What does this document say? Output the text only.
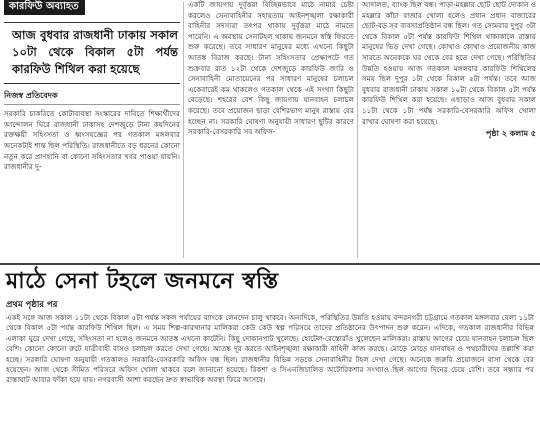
কারফিউ অব্যাহত
আজ বুধবার রাজধানী ঢাকায় সকাল ১০টা থেকে বিকাল ৫টা পর্যন্ত কারফিউ শিথিল করা হয়েছে
নিজস্ব প্রতিবেদক

সরকারি চাকরিতে কোটাব্যবস্থা সংস্কারের দাবিতে শিক্ষার্থীদের আন্দোলন ঘিরে রাজধানী ঢাকাসহ দেশজুড়ে টানা কয়দিনের রক্তক্ষয়ী সহিংসতা ও ধ্বংসযজ্ঞের পর গতকাল মঙ্গলবার অনেকটাই শান্ত ছিল পরিস্থিতি। রাজধানীতে বড় ধরনের কোনো নতুন করে প্রাণহানি বা কোনো সহিংসতার খবর পাওয়া যায়নি। রাজধানীর দু-

একটি জায়গায় দুর্বৃত্তরা বিচ্ছিন্নভাবে মাঠে নামার চেষ্টা করলেও সেনাবাহিনীর সহায়তায় আইনশৃঙ্খলা রক্ষাকারী বাহিনীর সদস্যরা তৎপর থাকায় দুর্বৃত্তরা মাঠে নামতে পারেনি। এ অবস্থায় সেনাটহল থাকায় জনমনে স্বস্তি ফিরতে শুরু করেছে। তবে সাধারণ মানুষের মধ্যে এখনো কিছুটা আতঙ্ক বিরাজ করছে। টানা সহিংসতার প্রেক্ষাপটে গত শুক্রবার রাত ১২টা থেকে দেশজুড়ে কারফিউ জারি ও সেনাবাহিনী মোতায়েনের পর সাধারণ মানুষের চলাচল একেবারেই কম থাকলেও গতকাল থেকে এই সংখ্যা কিছুটা বেড়েছে। শহরের বেশ কিছু জায়গায় যানবাহন চলাচল করেছে। তবে প্রয়োজন ছাড়া বেশিরভাগ মানুষ রাস্তায় বের হচ্ছেন না। সরকারি ঘোষণা অনুযায়ী সাধারণ ছুটির কারণে সরকারি-বেসরকারি সব অফিস-

আদালত, ব্যাংক ছিল বন্ধ। পাড়া-মহল্লার ছোট ছোট দোকান ও মহল্লার কাঁচা বাজার খোলা হলেও প্রধান প্রধান বাজারের ছোট-বড় সব ব্যবসাপ্রতিষ্ঠান বন্ধ ছিল। গত সোমবার দুপুর ৩টা থেকে বিকাল ৫টা পর্যন্ত কারফিউ শিথিল থাকাকালে রাস্তায় মানুষের ভিড় দেখা গেছে। কোথাও কোথাও প্রয়োজনীয় কাজ সারতে অনেককে ঘর থেকে বের হতে দেখা গেছে। পরিস্থিতির উন্নতি হওয়ায় আজ গতকাল মঙ্গলবার কারফিউ শিথিলের সময় ছিল দুপুর ১টা থেকে বিকাল ৫টা পর্যন্ত। তবে আজ বুধবার রাজধানী ঢাকায় সকাল ১০টা থেকে বিকাল ৫টা পর্যন্ত কারফিউ শিথিল করা হয়েছে। এছাড়াও আজ বুধবার সকাল ১১টা থেকে ১টা পর্যন্ত সরকারি-বেসরকারি অফিস খোলা রাখার ঘোষণা করা হয়েছে।

পৃষ্ঠা ২ কলাম ৫
মাঠে সেনা টহলে জনমনে স্বস্তি
প্রথম পৃষ্ঠার পর

একই সঙ্গে আজ সকাল ১১টা থেকে বিকাল ৫টা পর্যন্ত সকল পর্যায়ের ব্যাংকে লেনদেন চালু থাকবে। অন্যদিকে, পরিস্থিতির উন্নতি হওয়ায় বন্দরনগরী চট্টগ্রামে গতকাল মঙ্গলবার বেলা ১১টা থেকে বিকাল ৫টা পর্যন্ত কারফিউ শিথিল ছিল। এ সময় শিল্প-কারখানার মালিকরা কেউ কেউ স্বল্প পরিসরে তাদের প্রতিষ্ঠানের উৎপাদন শুরু করেন। এদিকে, গতকাল রাজধানীর বিভিন্ন এলাকা ঘুরে দেখা গেছে, সহিংসতা না হলেও জনমনে আতঙ্ক এখনো কাটেনি। কিছু দোকানপাট খুলেছে। হোটেল-রেস্তোরাঁও খুলেছেন মালিকরা। রাস্তায় আগের চেয়ে যানবাহন চলাচল ছিল বেশি। কোনো কোনো রুটে যাত্রীবাহী বাসও চলাচল করতে দেখা গেছে। আতঙ্ক দূর করতে আইনশৃঙ্খলা রক্ষাকারী বাহিনী কাজ করছে। মোড়ে মোড়ে যানবাহন ও পথচারীদের তল্লাশি করা হচ্ছে। সরকারি ঘোষণা অনুযায়ী গতকালও সরকারি-বেসরকারি অফিস বন্ধ ছিল। রাজধানীর বিভিন্ন সড়কে সেনাবাহিনীর টহল দেখা গেছে। অনেকে জরুরি প্রয়োজনে বাসা থেকে বের হয়েছেন। আজ থেকে সীমিত পরিসরে অফিস খোলা থাকবে বলে জানানো হয়েছে। রিকশা ও সিএনজিচালিত অটোরিকশার সংখ্যাও ছিল আগের দিনের চেয়ে বেশি। তবে সন্ধ্যার পর রাস্তাঘাট আবার ফাঁকা হয়ে যায়। নগরবাসী আশা করছেন দ্রুত স্বাভাবিক অবস্থা ফিরে আসবে।
